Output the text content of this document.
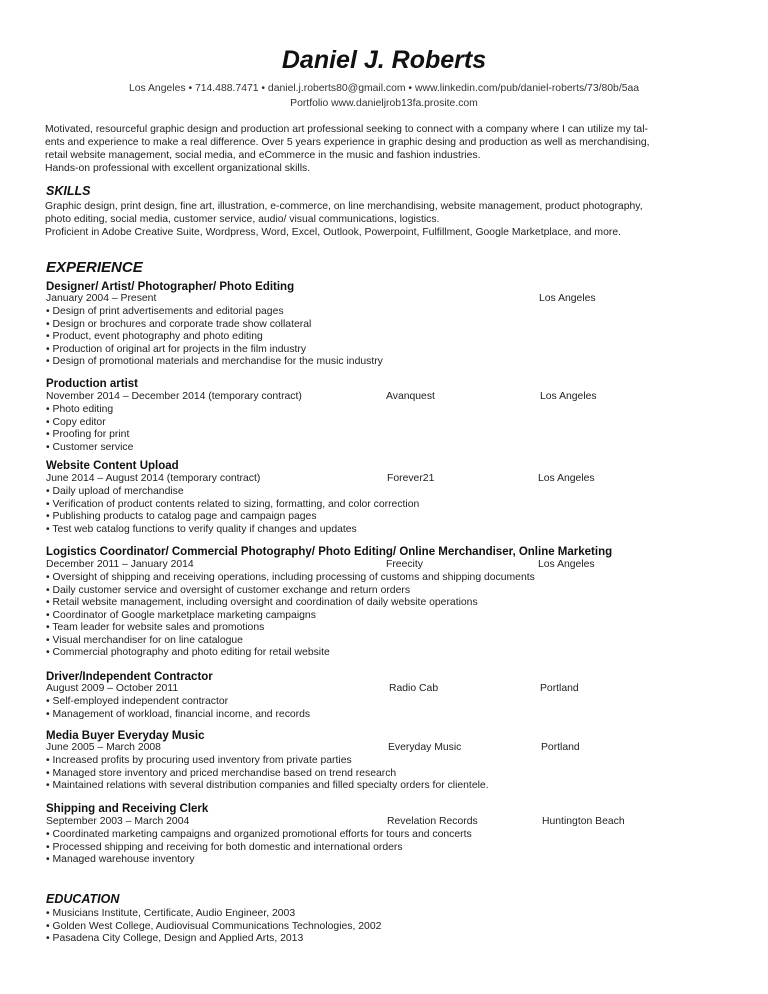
Daniel J. Roberts
Los Angeles • 714.488.7471 • daniel.j.roberts80@gmail.com • www.linkedin.com/pub/daniel-roberts/73/80b/5aa
Portfolio www.danieljrob13fa.prosite.com
Motivated, resourceful graphic design and production art professional seeking to connect with a company where I can utilize my tal-
ents and experience to make a real difference. Over 5 years experience in graphic desing and production as well as merchandising,
retail website management, social media, and eCommerce in the music and fashion industries.
Hands-on professional with excellent organizational skills.
SKILLS
Graphic design, print design, fine art, illustration, e-commerce, on line merchandising, website management, product photography,
photo editing, social media, customer service, audio/ visual communications, logistics.
Proficient in Adobe Creative Suite, Wordpress, Word, Excel, Outlook, Powerpoint, Fulfillment, Google Marketplace, and more.
EXPERIENCE
Designer/ Artist/ Photographer/ Photo Editing
January 2004 – Present	Los Angeles
• Design of print advertisements and editorial pages
• Design or brochures and corporate trade show collateral
• Product, event photography and photo editing
• Production of original art for projects in the film industry
• Design of promotional materials and merchandise for the music industry
Production artist
November 2014 – December 2014 (temporary contract)	Avanquest	Los Angeles
• Photo editing
• Copy editor
• Proofing for print
• Customer service
Website Content Upload
June 2014 – August 2014 (temporary contract)	Forever21	Los Angeles
• Daily upload of merchandise
• Verification of product contents related to sizing, formatting, and color correction
• Publishing products to catalog page and campaign pages
• Test web catalog functions to verify quality if changes and updates
Logistics Coordinator/ Commercial Photography/ Photo Editing/ Online Merchandiser, Online Marketing
December 2011 – January 2014	Freecity	Los Angeles
• Oversight of shipping and receiving operations, including processing of customs and shipping documents
• Daily customer service and oversight of customer exchange and return orders
• Retail website management, including oversight and coordination of daily website operations
• Coordinator of Google marketplace marketing campaigns
• Team leader for website sales and promotions
• Visual merchandiser for on line catalogue
• Commercial photography and photo editing for retail website
Driver/Independent Contractor
August 2009 – October 2011	Radio Cab	Portland
• Self-employed independent contractor
• Management of workload, financial income, and records
Media Buyer Everyday Music
June 2005 – March 2008	Everyday Music	Portland
• Increased profits by procuring used inventory from private parties
• Managed store inventory and priced merchandise based on trend research
• Maintained relations with several distribution companies and filled specialty orders for clientele.
Shipping and Receiving Clerk
September 2003 – March 2004	Revelation Records	Huntington Beach
• Coordinated marketing campaigns and organized promotional efforts for tours and concerts
• Processed shipping and receiving for both domestic and international orders
• Managed warehouse inventory
EDUCATION
• Musicians Institute, Certificate, Audio Engineer, 2003
• Golden West College, Audiovisual Communications Technologies, 2002
• Pasadena City College, Design and Applied Arts, 2013
